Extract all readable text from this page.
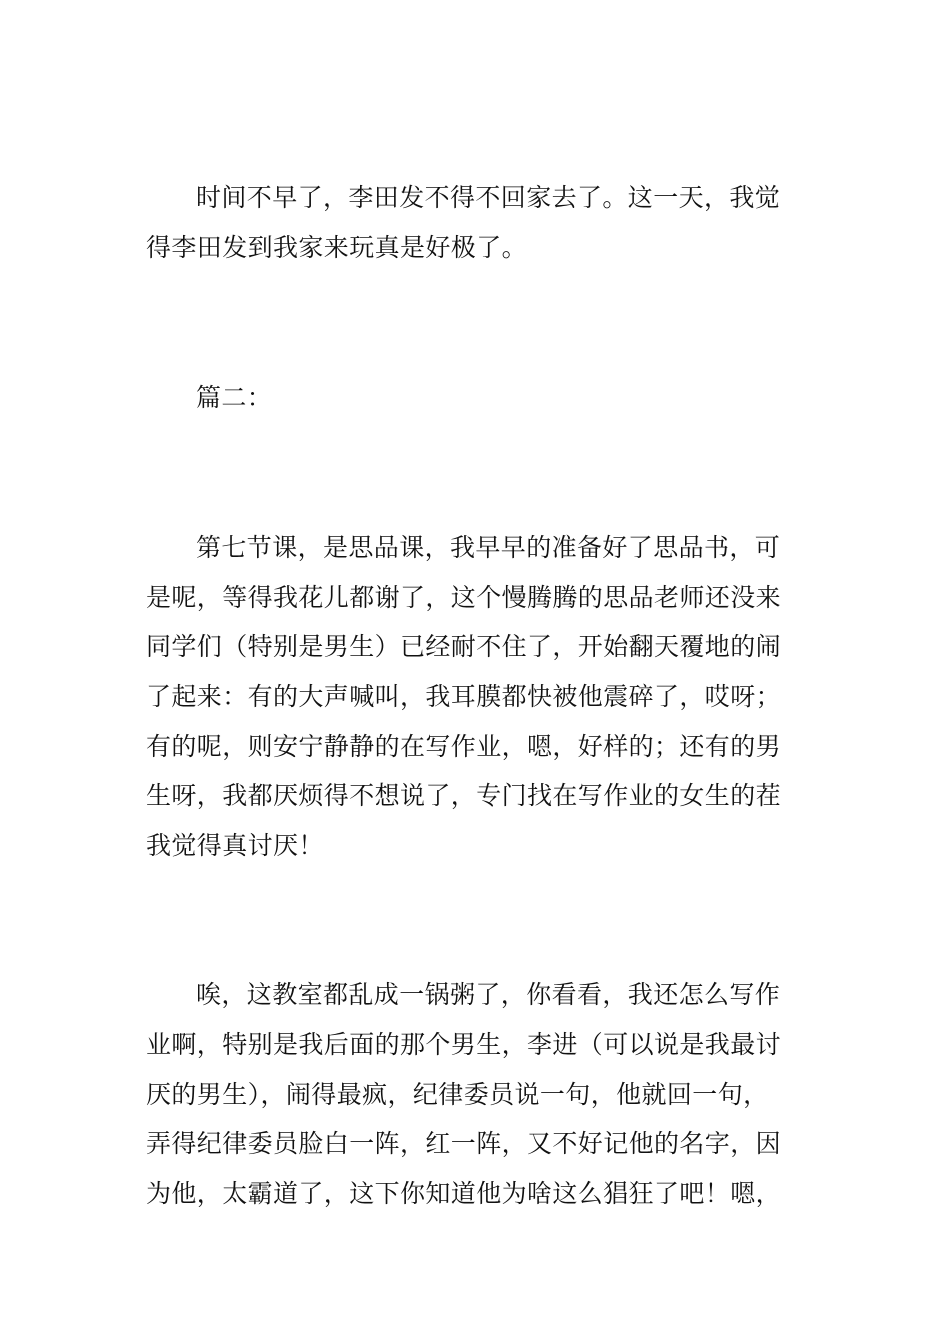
时间不早了，李田发不得不回家去了。这一天，我觉
得李田发到我家来玩真是好极了。
篇二：
第七节课，是思品课，我早早的准备好了思品书，可
是呢，等得我花儿都谢了，这个慢腾腾的思品老师还没来
同学们（特别是男生）已经耐不住了，开始翻天覆地的闹
了起来：有的大声喊叫，我耳膜都快被他震碎了，哎呀；
有的呢，则安宁静静的在写作业，嗯，好样的；还有的男
生呀，我都厌烦得不想说了，专门找在写作业的女生的茬
我觉得真讨厌！
唉，这教室都乱成一锅粥了，你看看，我还怎么写作
业啊，特别是我后面的那个男生，李进（可以说是我最讨
厌的男生），闹得最疯，纪律委员说一句，他就回一句，
弄得纪律委员脸白一阵，红一阵，又不好记他的名字，因
为他，太霸道了，这下你知道他为啥这么猖狂了吧！嗯，
